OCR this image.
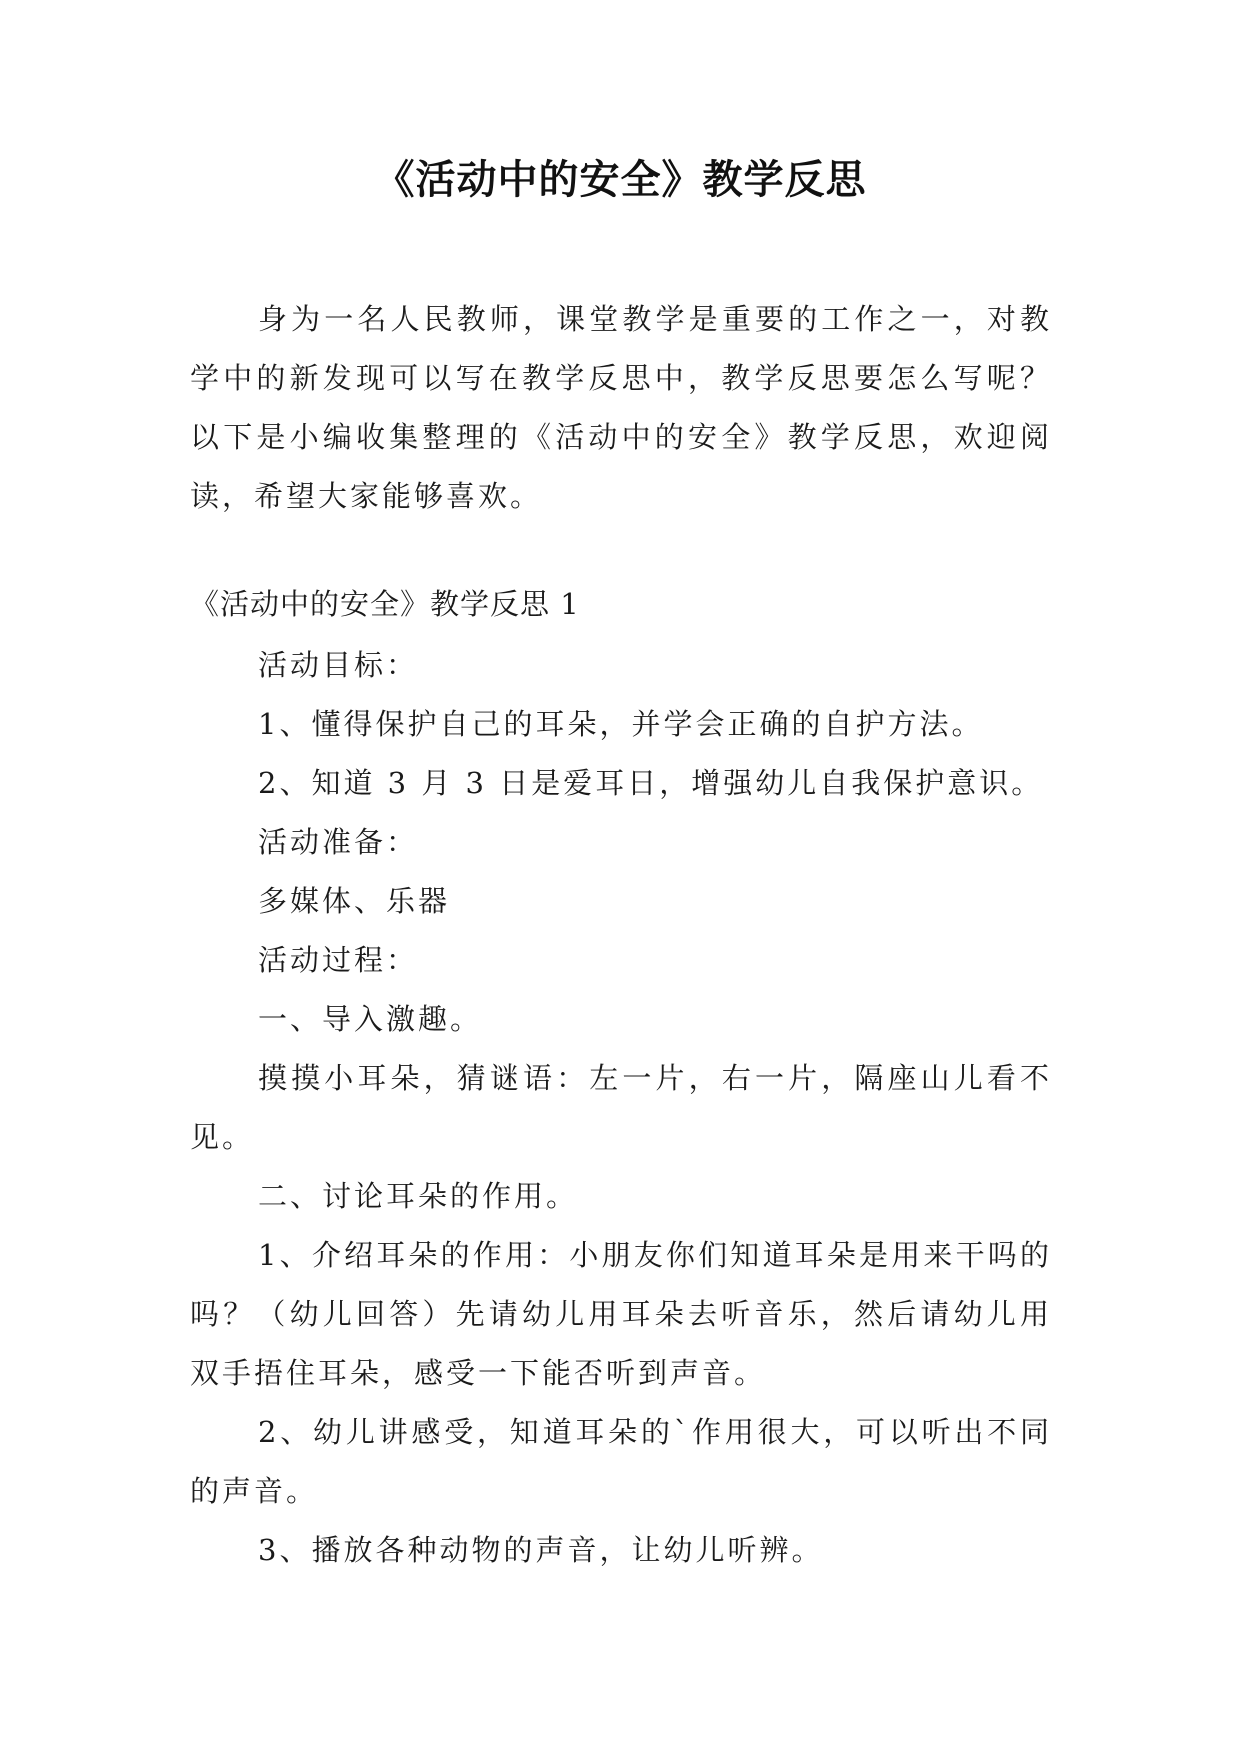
《活动中的安全》教学反思

身为一名人民教师，课堂教学是重要的工作之一，对教学中的新发现可以写在教学反思中，教学反思要怎么写呢？以下是小编收集整理的《活动中的安全》教学反思，欢迎阅读，希望大家能够喜欢。

《活动中的安全》教学反思 1

活动目标：

1、懂得保护自己的耳朵，并学会正确的自护方法。

2、知道 3 月 3 日是爱耳日，增强幼儿自我保护意识。

活动准备：

多媒体、乐器

活动过程：

一、导入激趣。

摸摸小耳朵，猜谜语：左一片，右一片，隔座山儿看不见。

二、讨论耳朵的作用。

1、介绍耳朵的作用：小朋友你们知道耳朵是用来干吗的吗？（幼儿回答）先请幼儿用耳朵去听音乐，然后请幼儿用双手捂住耳朵，感受一下能否听到声音。

2、幼儿讲感受，知道耳朵的`作用很大，可以听出不同的声音。

3、播放各种动物的声音，让幼儿听辨。
